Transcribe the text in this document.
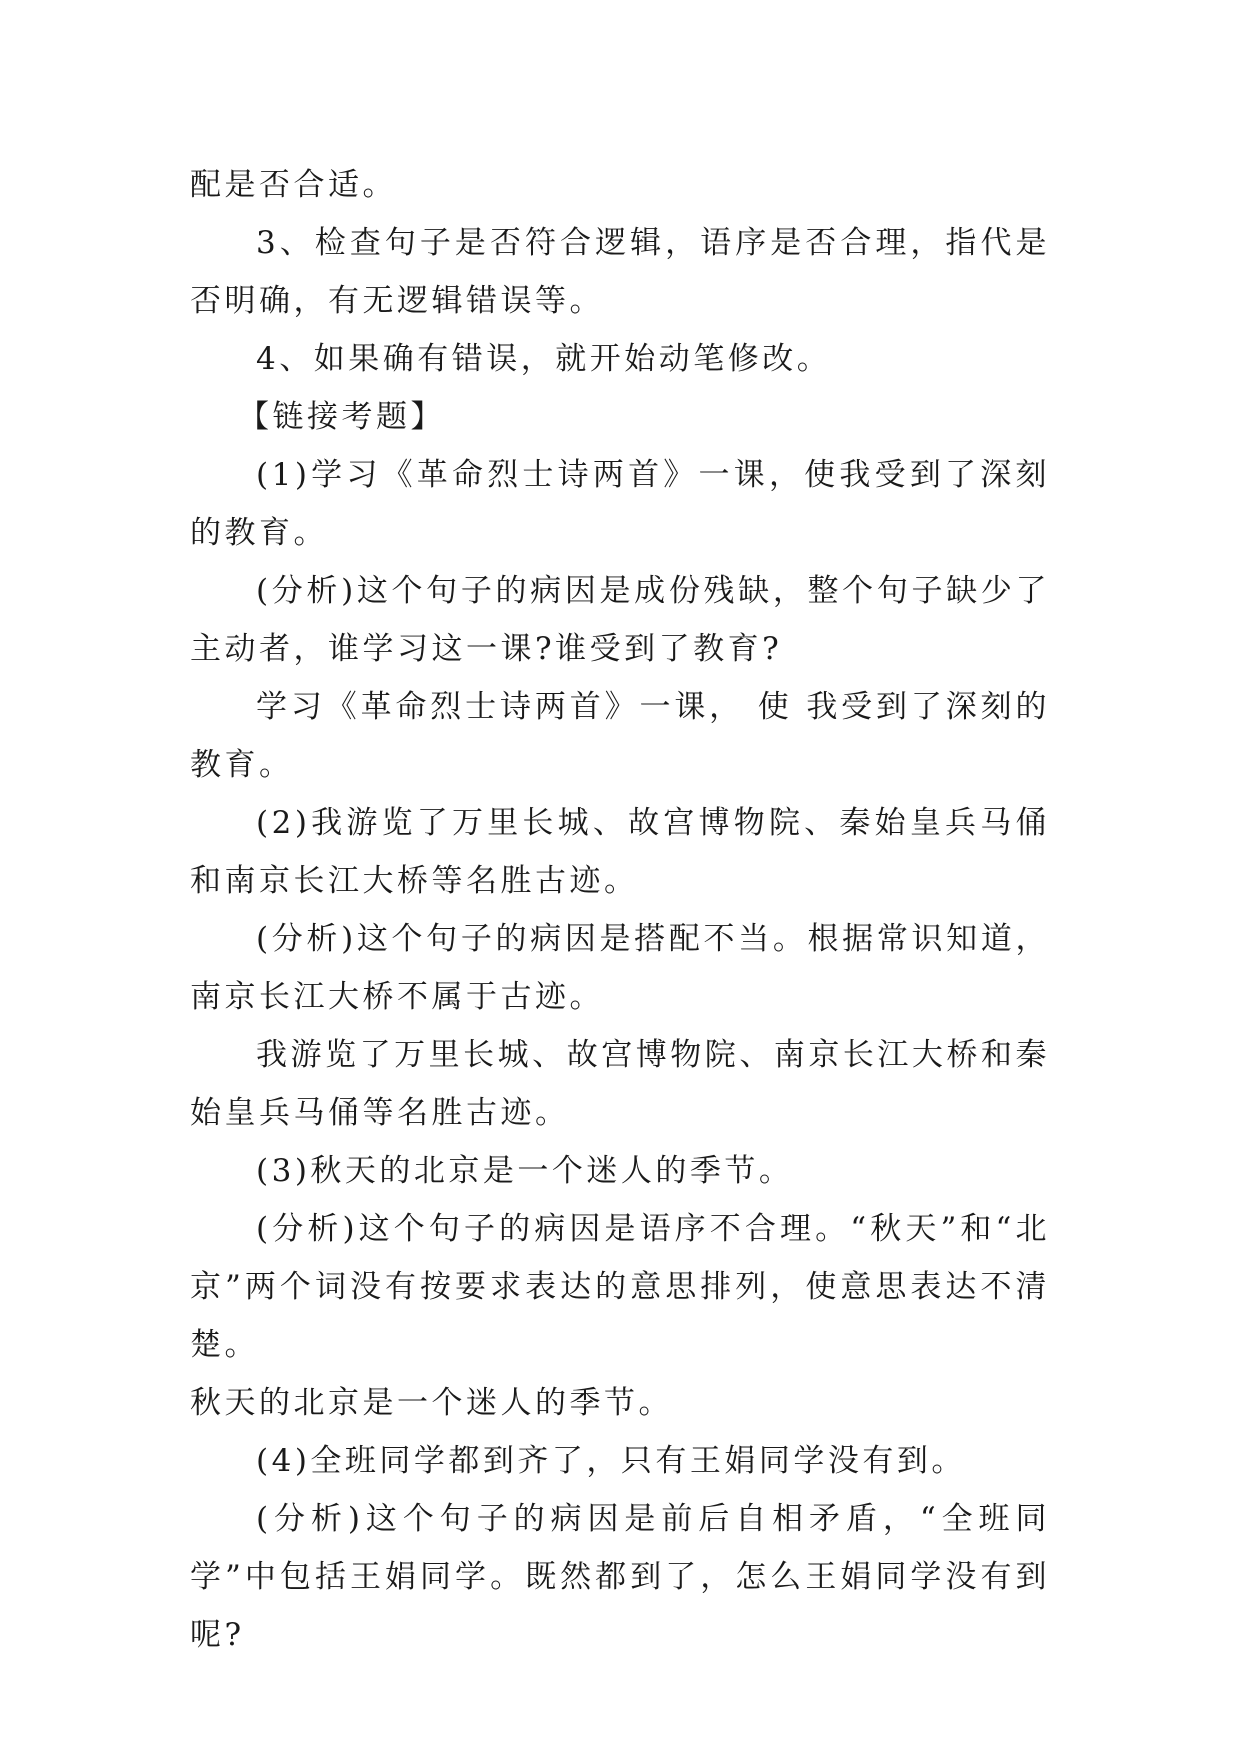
配是否合适。

3、检查句子是否符合逻辑，语序是否合理，指代是否明确，有无逻辑错误等。

4、如果确有错误，就开始动笔修改。

【链接考题】

(1)学习《革命烈士诗两首》一课，使我受到了深刻的教育。

(分析)这个句子的病因是成份残缺，整个句子缺少了主动者，谁学习这一课?谁受到了教育?

学习《革命烈士诗两首》一课， 使 我受到了深刻的教育。

(2)我游览了万里长城、故宫博物院、秦始皇兵马俑和南京长江大桥等名胜古迹。

(分析)这个句子的病因是搭配不当。根据常识知道，南京长江大桥不属于古迹。

我游览了万里长城、故宫博物院、南京长江大桥和秦始皇兵马俑等名胜古迹。

(3)秋天的北京是一个迷人的季节。

(分析)这个句子的病因是语序不合理。“秋天”和“北京”两个词没有按要求表达的意思排列，使意思表达不清楚。

秋天的北京是一个迷人的季节。

(4)全班同学都到齐了，只有王娟同学没有到。

(分析)这个句子的病因是前后自相矛盾，“全班同学”中包括王娟同学。既然都到了，怎么王娟同学没有到呢?
